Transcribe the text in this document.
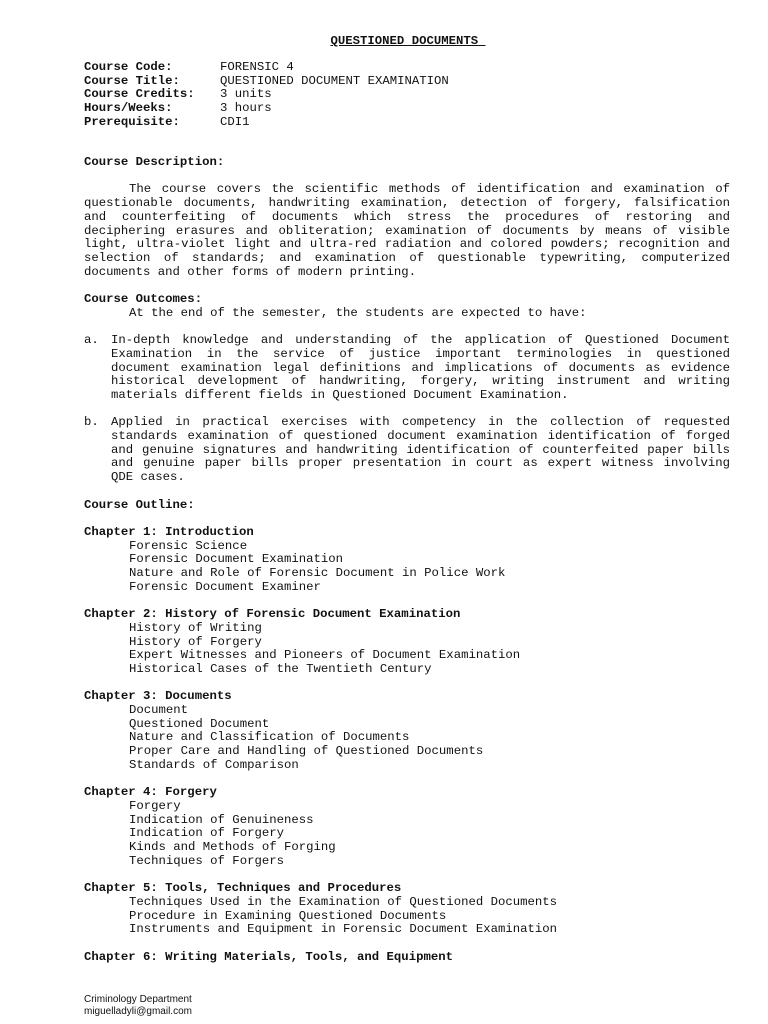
QUESTIONED DOCUMENTS
Course Code:	FORENSIC 4
Course Title:	QUESTIONED DOCUMENT EXAMINATION
Course Credits:	3 units
Hours/Weeks:	3 hours
Prerequisite:	CDI1
Course Description:

The course covers the scientific methods of identification and examination of questionable documents, handwriting examination, detection of forgery, falsification and counterfeiting of documents which stress the procedures of restoring and deciphering erasures and obliteration; examination of documents by means of visible light, ultra-violet light and ultra-red radiation and colored powders; recognition and selection of standards; and examination of questionable typewriting, computerized documents and other forms of modern printing.

Course Outcomes:
At the end of the semester, the students are expected to have:
a. In-depth knowledge and understanding of the application of Questioned Document Examination in the service of justice important terminologies in questioned document examination legal definitions and implications of documents as evidence historical development of handwriting, forgery, writing instrument and writing materials different fields in Questioned Document Examination.
b. Applied in practical exercises with competency in the collection of requested standards examination of questioned document examination identification of forged and genuine signatures and handwriting identification of counterfeited paper bills and genuine paper bills proper presentation in court as expert witness involving QDE cases.
Course Outline:
Chapter 1: Introduction
Forensic Science
Forensic Document Examination
Nature and Role of Forensic Document in Police Work
Forensic Document Examiner
Chapter 2: History of Forensic Document Examination
History of Writing
History of Forgery
Expert Witnesses and Pioneers of Document Examination
Historical Cases of the Twentieth Century
Chapter 3: Documents
Document
Questioned Document
Nature and Classification of Documents
Proper Care and Handling of Questioned Documents
Standards of Comparison
Chapter 4: Forgery
Forgery
Indication of Genuineness
Indication of Forgery
Kinds and Methods of Forging
Techniques of Forgers
Chapter 5: Tools, Techniques and Procedures
Techniques Used in the Examination of Questioned Documents
Procedure in Examining Questioned Documents
Instruments and Equipment in Forensic Document Examination
Chapter 6: Writing Materials, Tools, and Equipment
Criminology Department
miguelladyli@gmail.com
